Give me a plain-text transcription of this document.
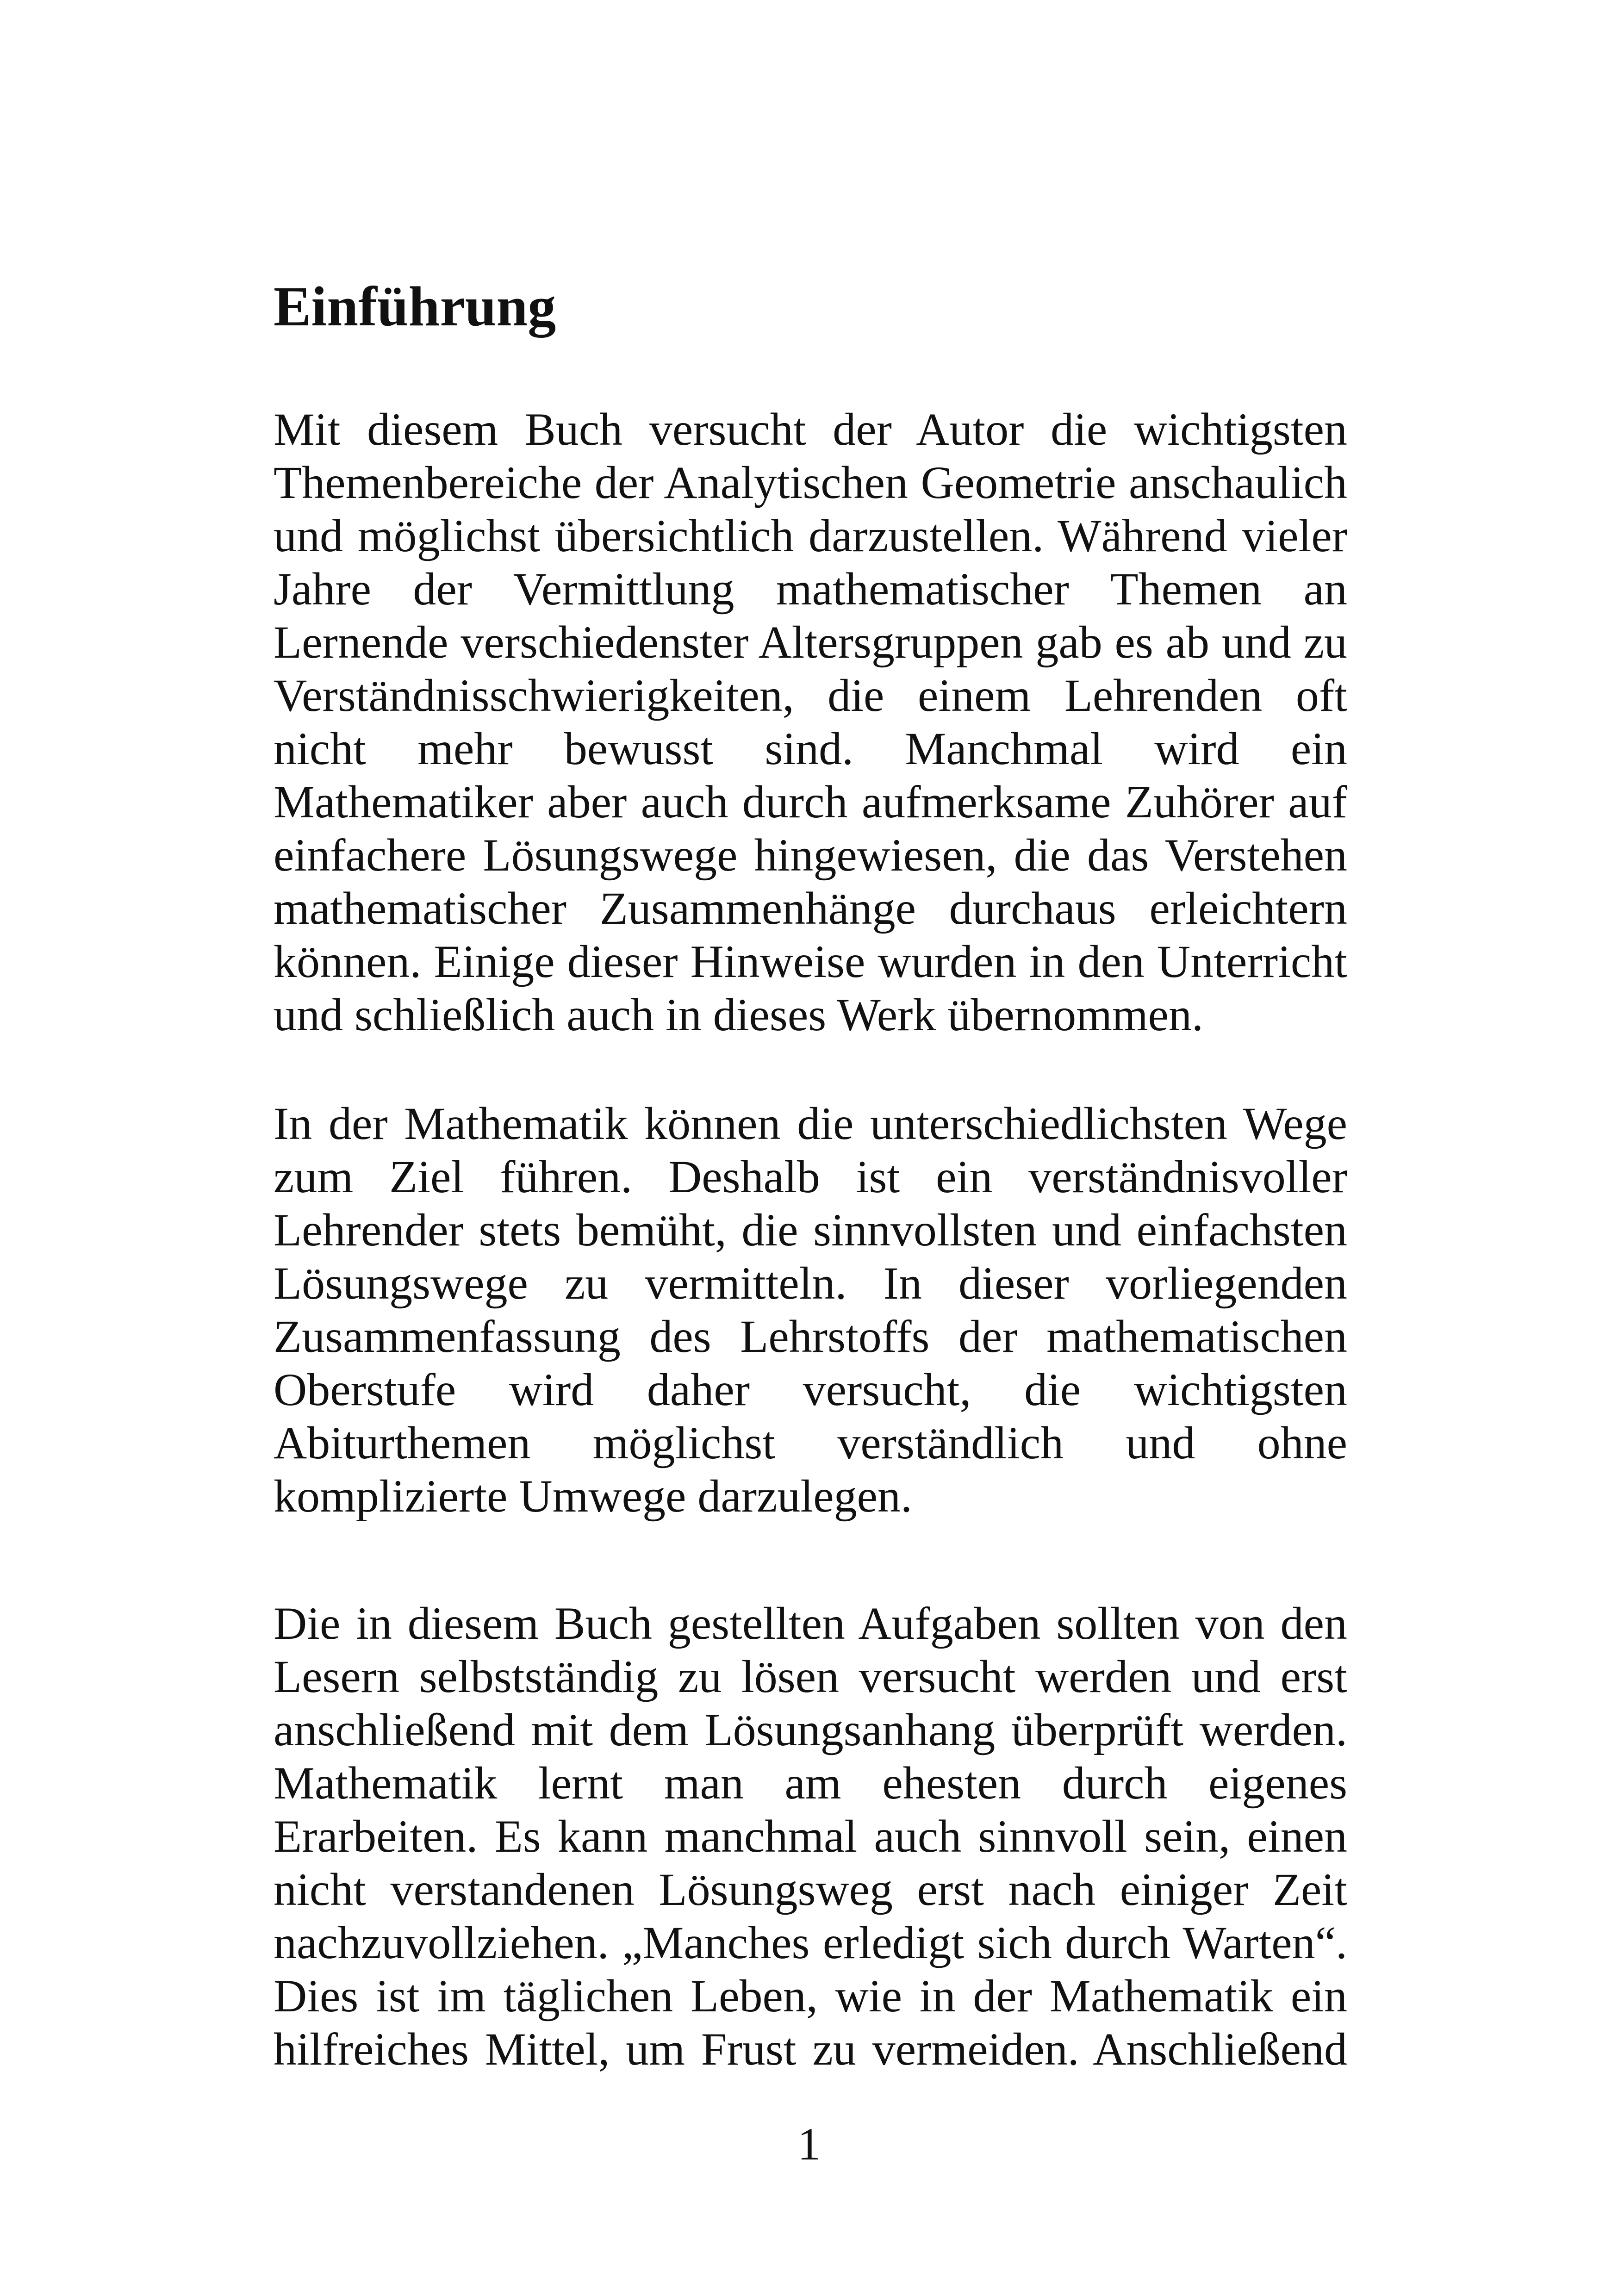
Einführung
Mit diesem Buch versucht der Autor die wichtigsten
Themenbereiche der Analytischen Geometrie anschaulich
und möglichst übersichtlich darzustellen. Während vieler
Jahre der Vermittlung mathematischer Themen an
Lernende verschiedenster Altersgruppen gab es ab und zu
Verständnisschwierigkeiten, die einem Lehrenden oft
nicht mehr bewusst sind. Manchmal wird ein
Mathematiker aber auch durch aufmerksame Zuhörer auf
einfachere Lösungswege hingewiesen, die das Verstehen
mathematischer Zusammenhänge durchaus erleichtern
können. Einige dieser Hinweise wurden in den Unterricht
und schließlich auch in dieses Werk übernommen.
In der Mathematik können die unterschiedlichsten Wege
zum Ziel führen. Deshalb ist ein verständnisvoller
Lehrender stets bemüht, die sinnvollsten und einfachsten
Lösungswege zu vermitteln. In dieser vorliegenden
Zusammenfassung des Lehrstoffs der mathematischen
Oberstufe wird daher versucht, die wichtigsten
Abiturthemen möglichst verständlich und ohne
komplizierte Umwege darzulegen.
Die in diesem Buch gestellten Aufgaben sollten von den
Lesern selbstständig zu lösen versucht werden und erst
anschließend mit dem Lösungsanhang überprüft werden.
Mathematik lernt man am ehesten durch eigenes
Erarbeiten. Es kann manchmal auch sinnvoll sein, einen
nicht verstandenen Lösungsweg erst nach einiger Zeit
nachzuvollziehen. „Manches erledigt sich durch Warten“.
Dies ist im täglichen Leben, wie in der Mathematik ein
hilfreiches Mittel, um Frust zu vermeiden. Anschließend
1
